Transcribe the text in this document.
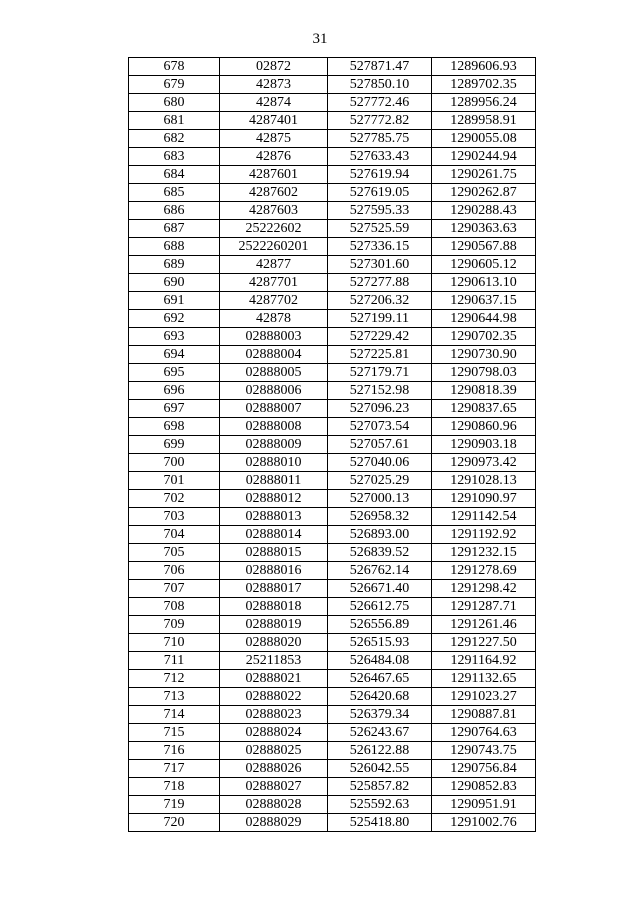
31
678	02872	527871.47	1289606.93
679	42873	527850.10	1289702.35
680	42874	527772.46	1289956.24
681	4287401	527772.82	1289958.91
682	42875	527785.75	1290055.08
683	42876	527633.43	1290244.94
684	4287601	527619.94	1290261.75
685	4287602	527619.05	1290262.87
686	4287603	527595.33	1290288.43
687	25222602	527525.59	1290363.63
688	2522260201	527336.15	1290567.88
689	42877	527301.60	1290605.12
690	4287701	527277.88	1290613.10
691	4287702	527206.32	1290637.15
692	42878	527199.11	1290644.98
693	02888003	527229.42	1290702.35
694	02888004	527225.81	1290730.90
695	02888005	527179.71	1290798.03
696	02888006	527152.98	1290818.39
697	02888007	527096.23	1290837.65
698	02888008	527073.54	1290860.96
699	02888009	527057.61	1290903.18
700	02888010	527040.06	1290973.42
701	02888011	527025.29	1291028.13
702	02888012	527000.13	1291090.97
703	02888013	526958.32	1291142.54
704	02888014	526893.00	1291192.92
705	02888015	526839.52	1291232.15
706	02888016	526762.14	1291278.69
707	02888017	526671.40	1291298.42
708	02888018	526612.75	1291287.71
709	02888019	526556.89	1291261.46
710	02888020	526515.93	1291227.50
711	25211853	526484.08	1291164.92
712	02888021	526467.65	1291132.65
713	02888022	526420.68	1291023.27
714	02888023	526379.34	1290887.81
715	02888024	526243.67	1290764.63
716	02888025	526122.88	1290743.75
717	02888026	526042.55	1290756.84
718	02888027	525857.82	1290852.83
719	02888028	525592.63	1290951.91
720	02888029	525418.80	1291002.76
